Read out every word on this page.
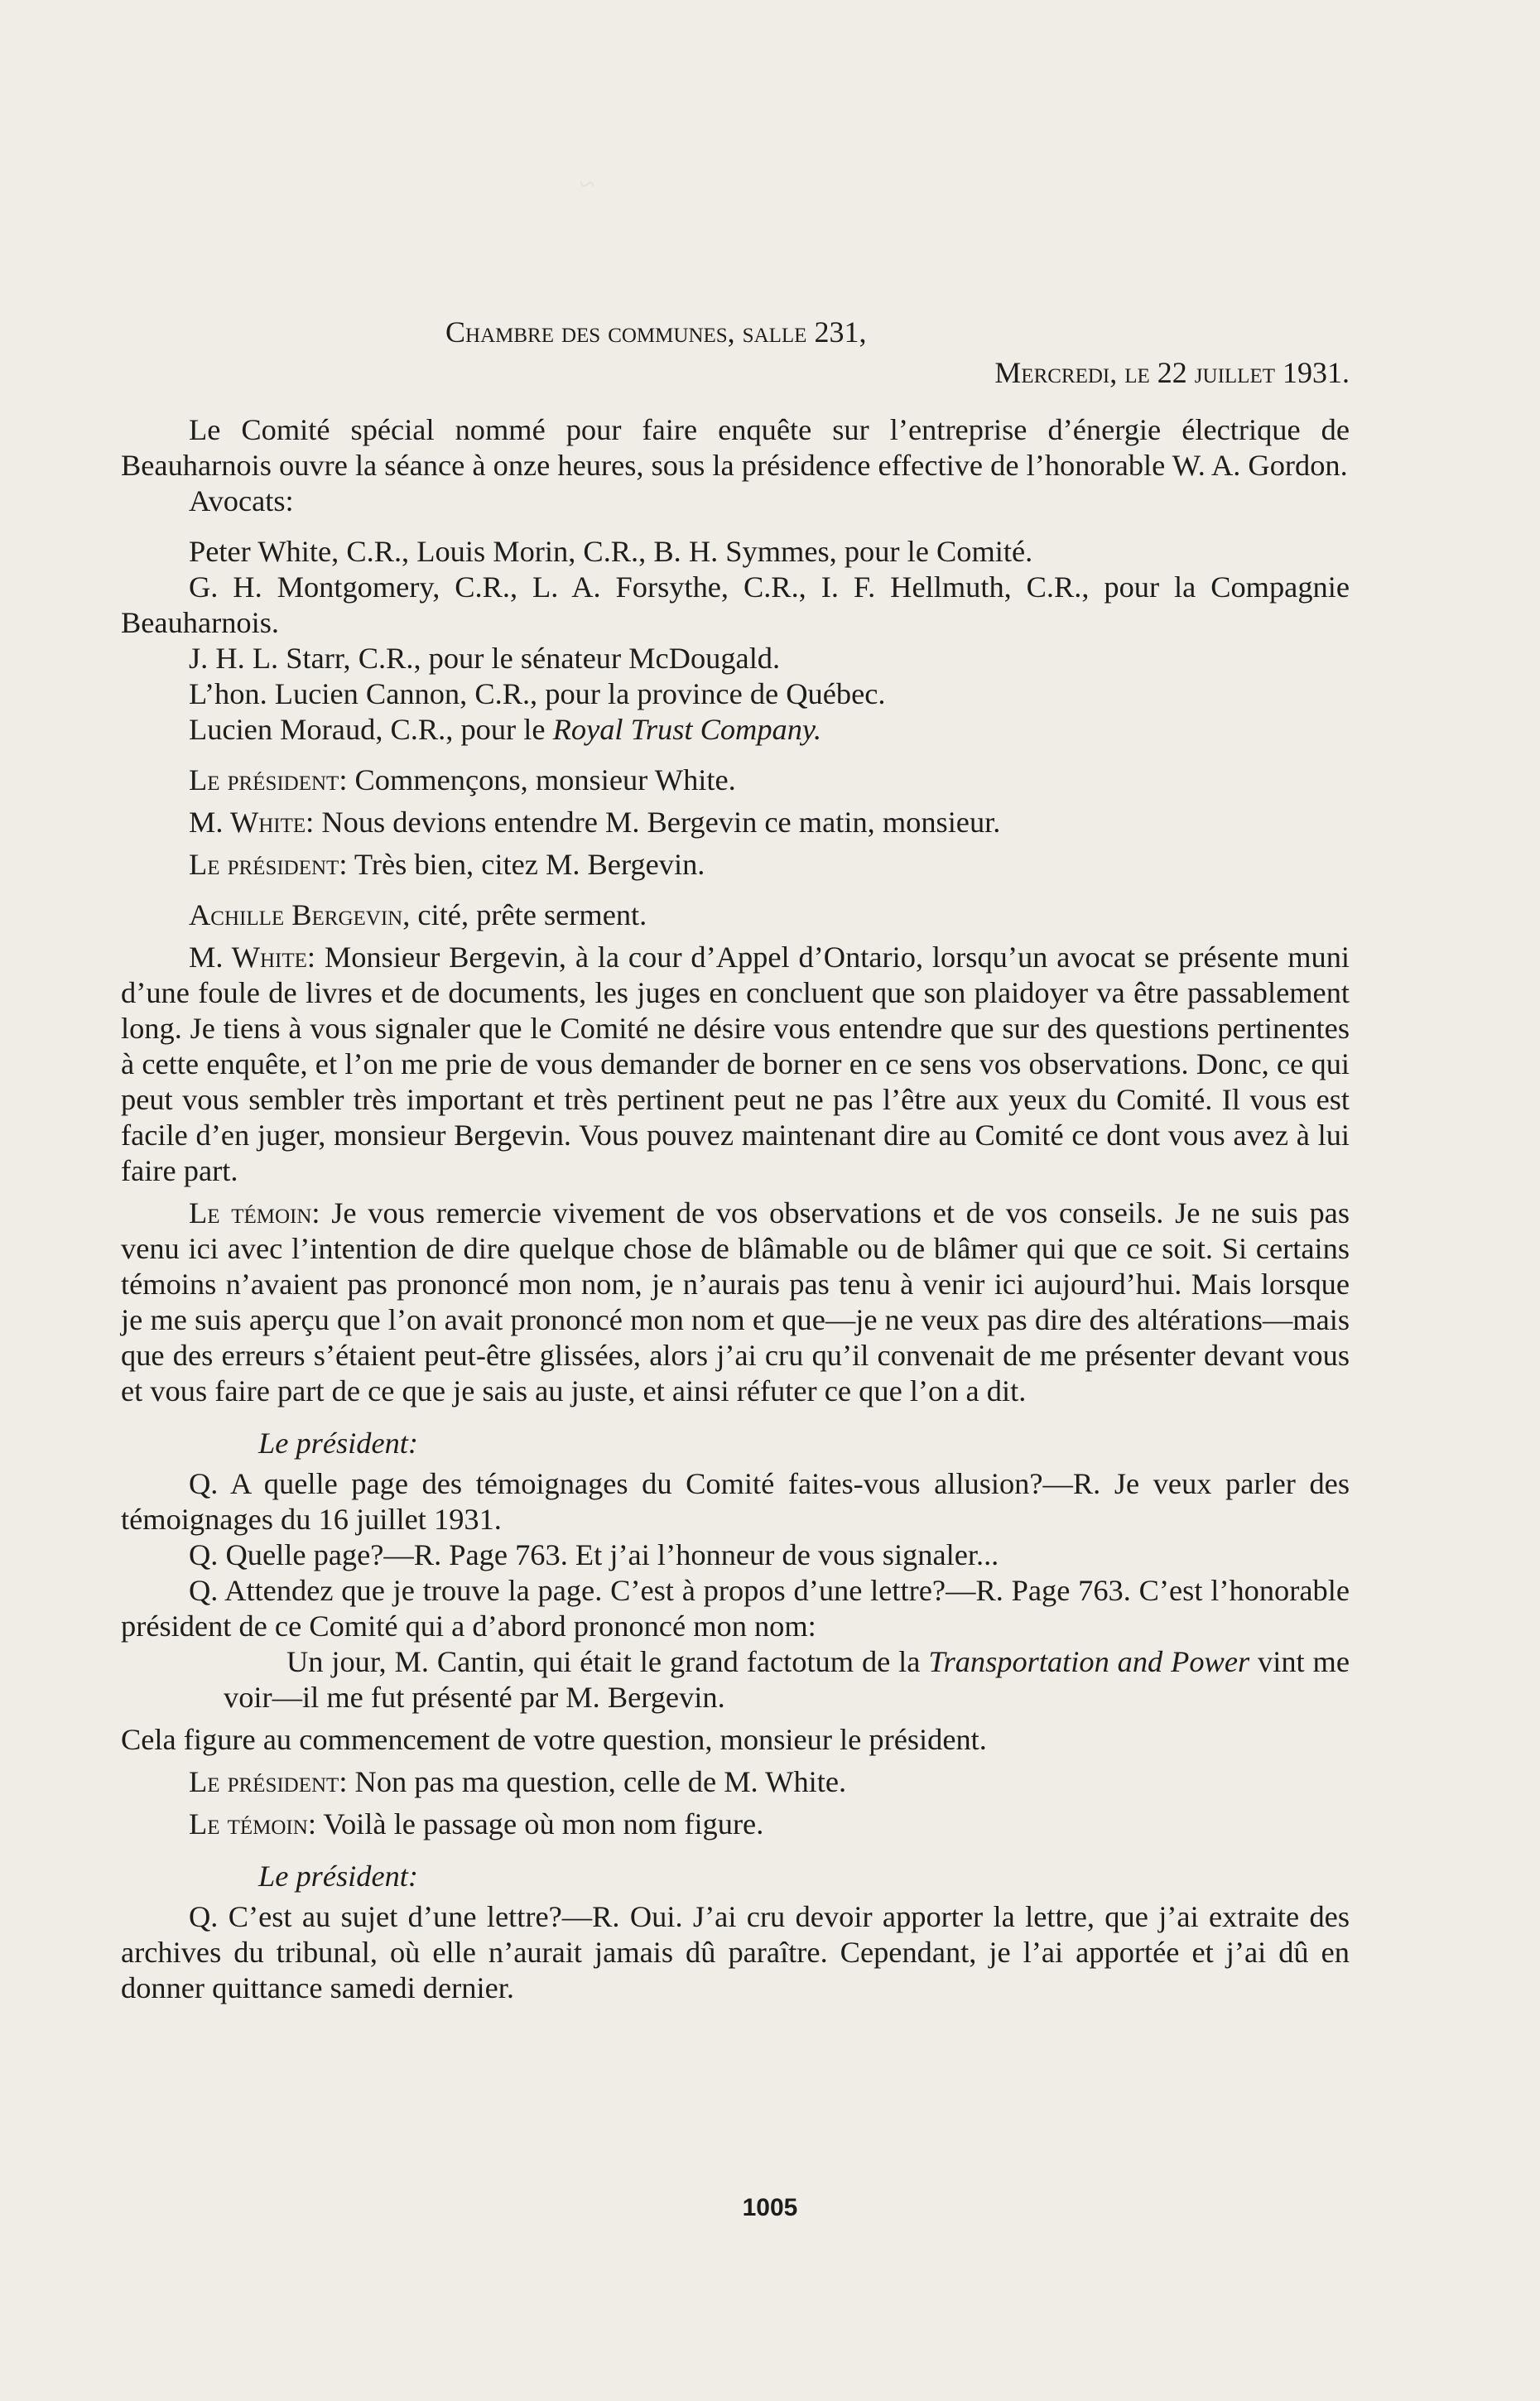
~
Chambre des communes, salle 231,
Mercredi, le 22 juillet 1931.

Le Comité spécial nommé pour faire enquête sur l’entreprise d’énergie électrique de Beauharnois ouvre la séance à onze heures, sous la présidence effective de l’honorable W. A. Gordon.

Avocats:

Peter White, C.R., Louis Morin, C.R., B. H. Symmes, pour le Comité.

G. H. Montgomery, C.R., L. A. Forsythe, C.R., I. F. Hellmuth, C.R., pour la Compagnie Beauharnois.

J. H. L. Starr, C.R., pour le sénateur McDougald.

L’hon. Lucien Cannon, C.R., pour la province de Québec.

Lucien Moraud, C.R., pour le Royal Trust Company.

Le président: Commençons, monsieur White.

M. White: Nous devions entendre M. Bergevin ce matin, monsieur.

Le président: Très bien, citez M. Bergevin.

Achille Bergevin, cité, prête serment.

M. White: Monsieur Bergevin, à la cour d’Appel d’Ontario, lorsqu’un avocat se présente muni d’une foule de livres et de documents, les juges en concluent que son plaidoyer va être passablement long. Je tiens à vous signaler que le Comité ne désire vous entendre que sur des questions pertinentes à cette enquête, et l’on me prie de vous demander de borner en ce sens vos observations. Donc, ce qui peut vous sembler très important et très pertinent peut ne pas l’être aux yeux du Comité. Il vous est facile d’en juger, monsieur Bergevin. Vous pouvez maintenant dire au Comité ce dont vous avez à lui faire part.

Le témoin: Je vous remercie vivement de vos observations et de vos conseils. Je ne suis pas venu ici avec l’intention de dire quelque chose de blâmable ou de blâmer qui que ce soit. Si certains témoins n’avaient pas prononcé mon nom, je n’aurais pas tenu à venir ici aujourd’hui. Mais lorsque je me suis aperçu que l’on avait prononcé mon nom et que—je ne veux pas dire des altérations—mais que des erreurs s’étaient peut-être glissées, alors j’ai cru qu’il convenait de me présenter devant vous et vous faire part de ce que je sais au juste, et ainsi réfuter ce que l’on a dit.

Le président:

Q. A quelle page des témoignages du Comité faites-vous allusion?—R. Je veux parler des témoignages du 16 juillet 1931.

Q. Quelle page?—R. Page 763. Et j’ai l’honneur de vous signaler...

Q. Attendez que je trouve la page. C’est à propos d’une lettre?—R. Page 763. C’est l’honorable président de ce Comité qui a d’abord prononcé mon nom:

Un jour, M. Cantin, qui était le grand factotum de la Transportation and Power vint me voir—il me fut présenté par M. Bergevin.

Cela figure au commencement de votre question, monsieur le président.

Le président: Non pas ma question, celle de M. White.

Le témoin: Voilà le passage où mon nom figure.

Le président:

Q. C’est au sujet d’une lettre?—R. Oui. J’ai cru devoir apporter la lettre, que j’ai extraite des archives du tribunal, où elle n’aurait jamais dû paraître. Cependant, je l’ai apportée et j’ai dû en donner quittance samedi dernier.

1005
